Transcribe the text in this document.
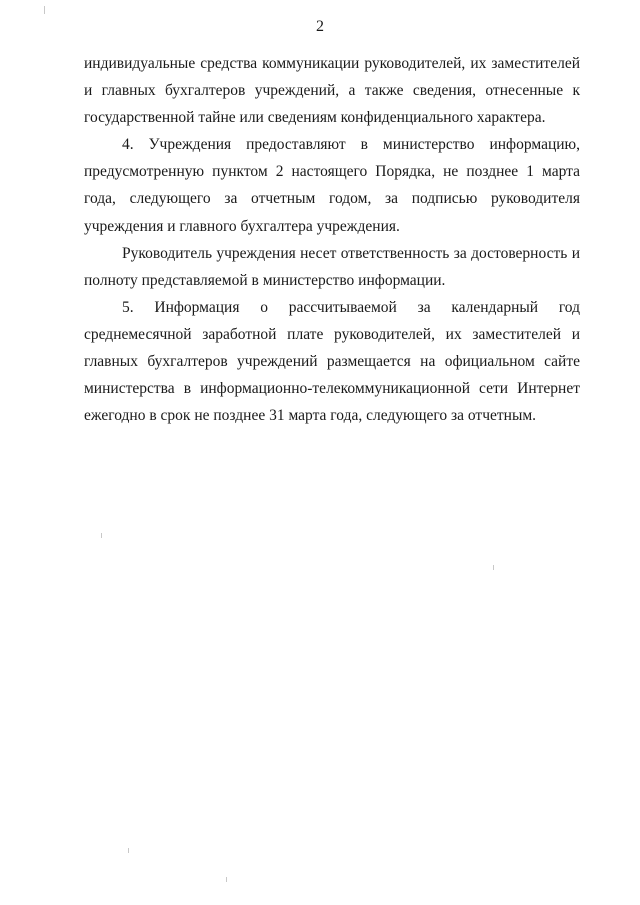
2

индивидуальные средства коммуникации руководителей, их заместителей и главных бухгалтеров учреждений, а также сведения, отнесенные к государственной тайне или сведениям конфиденциального характера.

4. Учреждения предоставляют в министерство информацию, предусмотренную пунктом 2 настоящего Порядка, не позднее 1 марта года, следующего за отчетным годом, за подписью руководителя учреждения и главного бухгалтера учреждения.

Руководитель учреждения несет ответственность за достоверность и полноту представляемой в министерство информации.

5. Информация о рассчитываемой за календарный год среднемесячной заработной плате руководителей, их заместителей и главных бухгалтеров учреждений размещается на официальном сайте министерства в информационно-телекоммуникационной сети Интернет ежегодно в срок не позднее 31 марта года, следующего за отчетным.
